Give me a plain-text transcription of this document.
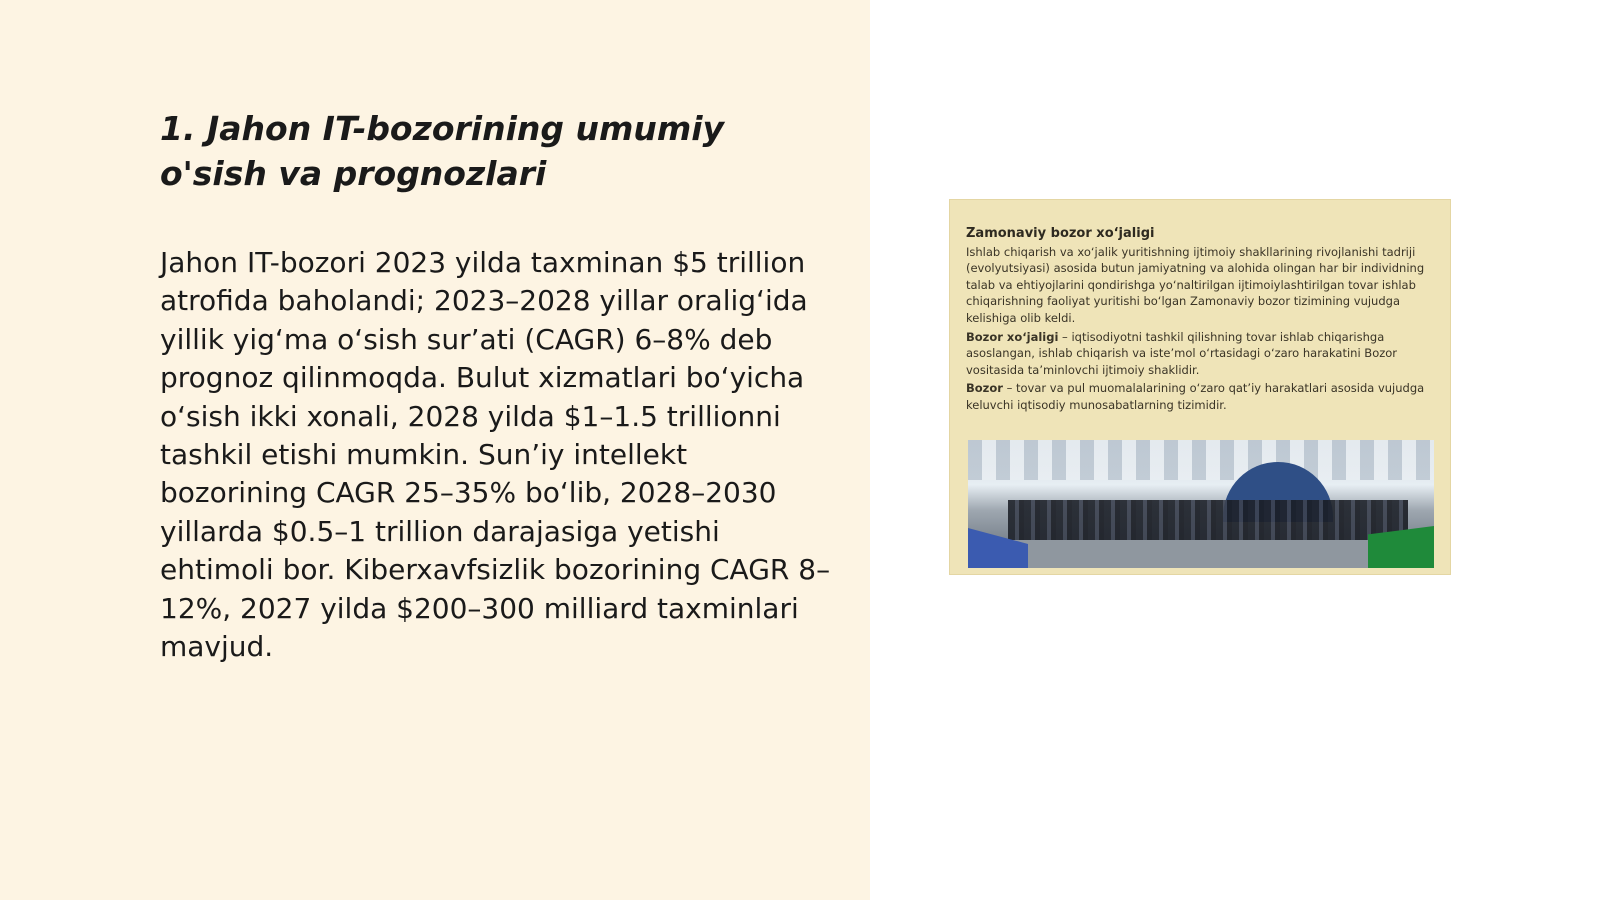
1. Jahon IT-bozorining umumiy o'sish va prognozlari

Jahon IT-bozori 2023 yilda taxminan $5 trillion atrofida baholandi; 2023–2028 yillar oralig‘ida yillik yig‘ma o‘sish sur’ati (CAGR) 6–8% deb prognoz qilinmoqda. Bulut xizmatlari bo‘yicha o‘sish ikki xonali, 2028 yilda $1–1.5 trillionni tashkil etishi mumkin. Sun’iy intellekt bozorining CAGR 25–35% bo‘lib, 2028–2030 yillarda $0.5–1 trillion darajasiga yetishi ehtimoli bor. Kiberxavfsizlik bozorining CAGR 8–12%, 2027 yilda $200–300 milliard taxminlari mavjud.

Zamonaviy bozor xo‘jaligi

Ishlab chiqarish va xo‘jalik yuritishning ijtimoiy shakllarining rivojlanishi tadriji (evolyutsiyasi) asosida butun jamiyatning va alohida olingan har bir individning talab va ehtiyojlarini qondirishga yo‘naltirilgan ijtimoiylashtirilgan tovar ishlab chiqarishning faoliyat yuritishi bo‘lgan Zamonaviy bozor tizimining vujudga kelishiga olib keldi.

Bozor xo‘jaligi – iqtisodiyotni tashkil qilishning tovar ishlab chiqarishga asoslangan, ishlab chiqarish va iste’mol o‘rtasidagi o‘zaro harakatini Bozor vositasida ta’minlovchi ijtimoiy shaklidir.

Bozor – tovar va pul muomalalarining o‘zaro qat’iy harakatlari asosida vujudga keluvchi iqtisodiy munosabatlarning tizimidir.
